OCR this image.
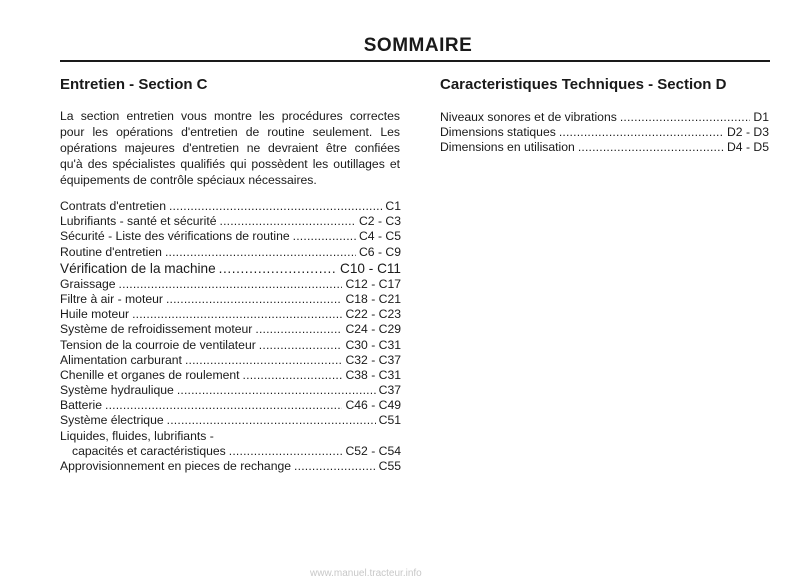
SOMMAIRE
Entretien - Section C	Caracteristiques Techniques - Section D
La section entretien vous montre les procédures correctes pour les opérations d'entretien de routine seulement. Les opérations majeures d'entretien ne devraient être confiées qu'à des spécialistes qualifiés qui possèdent les outillages et équipements de contrôle spéciaux nécessaires.
Contrats d'entretien . . .	C1
Lubrifiants - santé et sécurité . . .	C2 - C3
Sécurité - Liste des vérifications de routine . . .	C4 - C5
Routine d'entretien . . .	C6 - C9
Vérification de la machine . . .	C10 - C11
Graissage . . .	C12 - C17
Filtre à air - moteur . . .	C18 - C21
Huile moteur . . .	C22 - C23
Système de refroidissement moteur . . .	C24 - C29
Tension de la courroie de ventilateur . . .	C30 - C31
Alimentation carburant . . .	C32 - C37
Chenille et organes de roulement . . .	C38 - C31
Système hydraulique . . .	C37
Batterie . . .	C46 - C49
Système électrique . . .	C51
Liquides, fluides, lubrifiants -
capacités et caractéristiques . . .	C52 - C54
Approvisionnement en pieces de rechange . . .	C55
Niveaux sonores et de vibrations . . .	D1
Dimensions statiques . . .	D2 - D3
Dimensions en utilisation . . .	D4 - D5
www.manuel.tracteur.info
